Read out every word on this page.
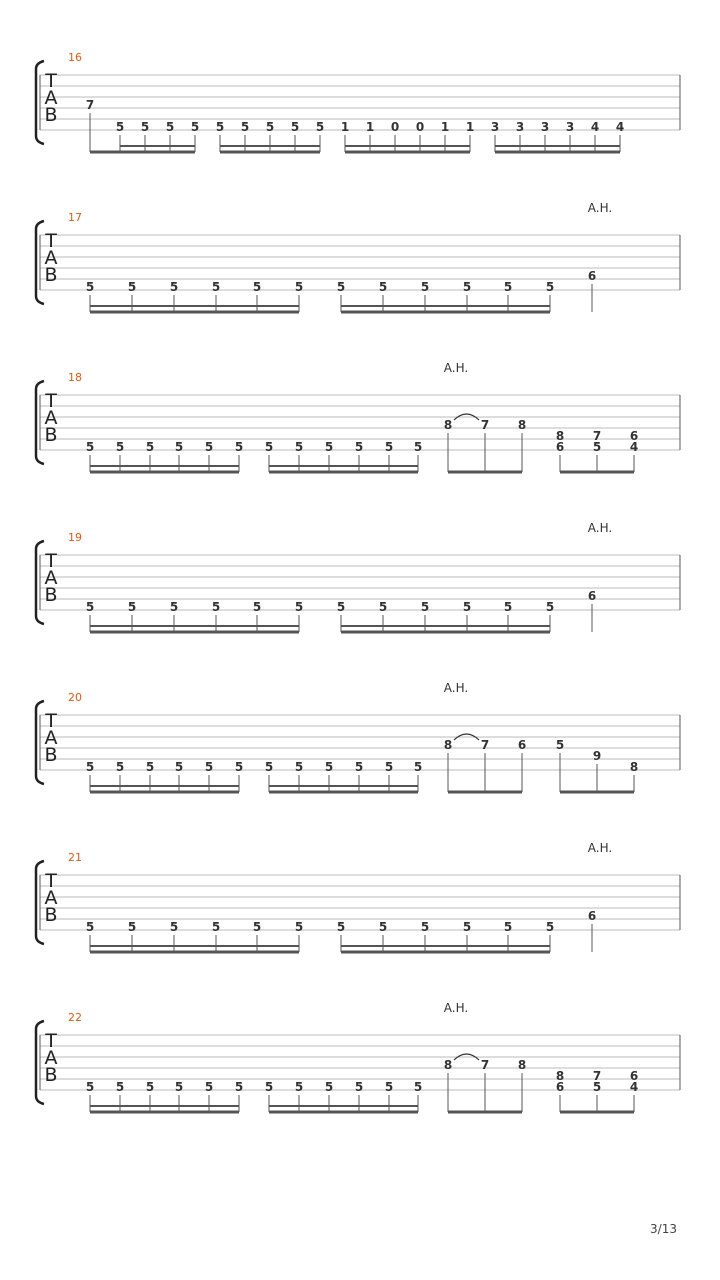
T
A
B
16
7
5 5 5 5 5 5 5 5 5 1 1 0 0 1 1 3 3 3 3 4 4
T
A
B
17
A.H.
5	5	5	5	5	5	5	5	5	5	5	5
6
T
A
B
18
A.H.
5 5 5 5 5 5 5 5 5 5 5 5
8 7 8
8
6
7
5
6
4
T
A
B
19
A.H.
5	5	5	5	5	5	5	5	5	5	5	5
6
T
A
B
20
A.H.
5 5 5 5 5 5 5 5 5 5 5 5
8 7 6 5
9
8
T
A
B
21
A.H.
5	5	5	5	5	5	5	5	5	5	5	5
6
T
A
B
22
A.H.
5 5 5 5 5 5 5 5 5 5 5 5
8 7 8
8
6
7
5
6
4
3/13
